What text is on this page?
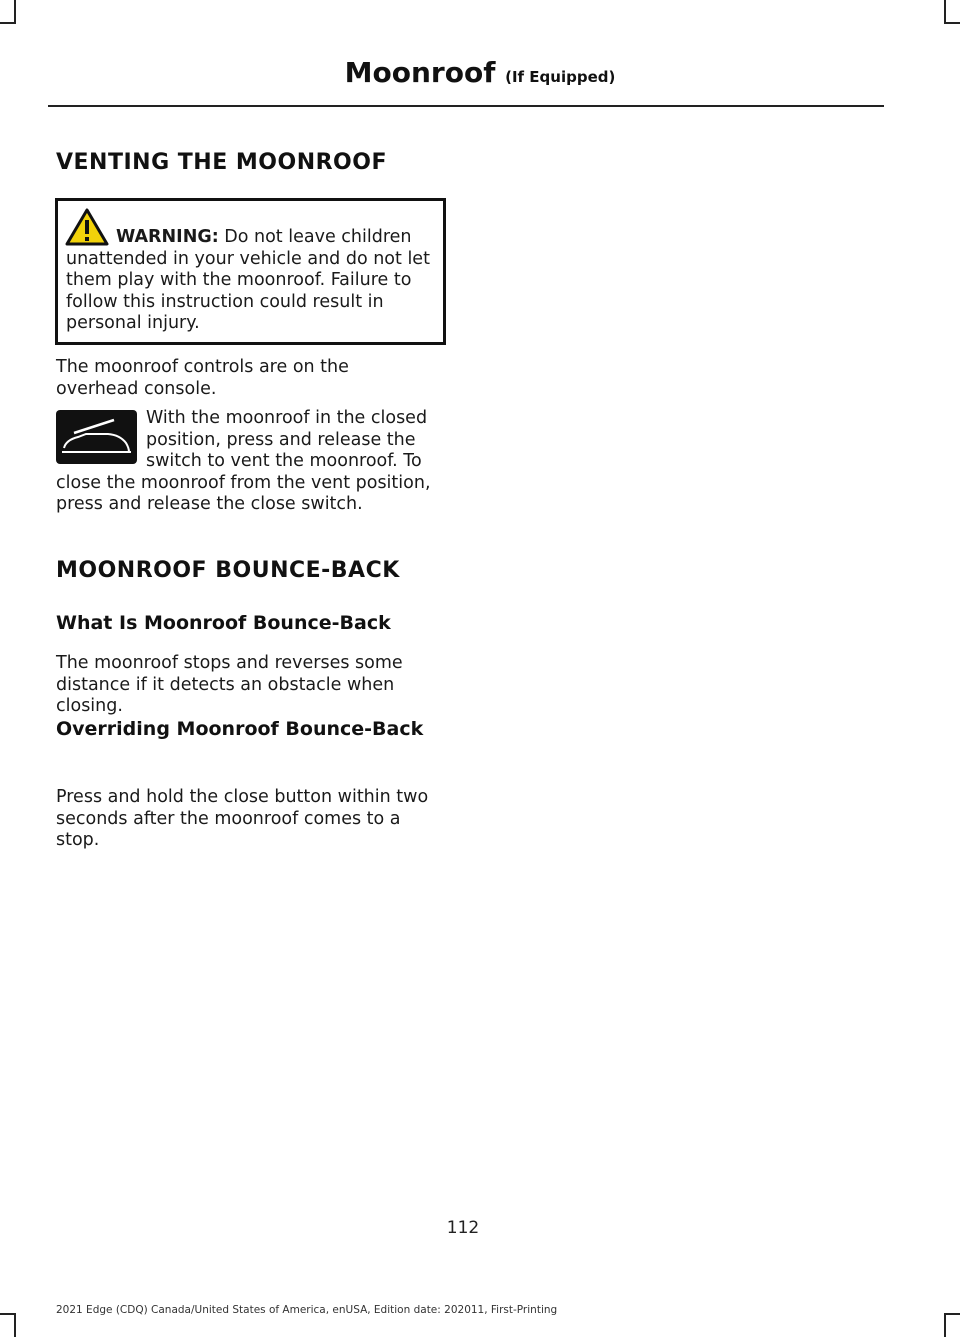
Moonroof (If Equipped)
VENTING THE MOONROOF
WARNING: Do not leave children unattended in your vehicle and do not let them play with the moonroof. Failure to follow this instruction could result in personal injury.
The moonroof controls are on the overhead console.
With the moonroof in the closed position, press and release the switch to vent the moonroof. To close the moonroof from the vent position, press and release the close switch.
MOONROOF BOUNCE-BACK
What Is Moonroof Bounce-Back
The moonroof stops and reverses some distance if it detects an obstacle when closing.
Overriding Moonroof Bounce-Back
Press and hold the close button within two seconds after the moonroof comes to a stop.
112
2021 Edge (CDQ) Canada/United States of America, enUSA, Edition date: 202011, First-Printing
